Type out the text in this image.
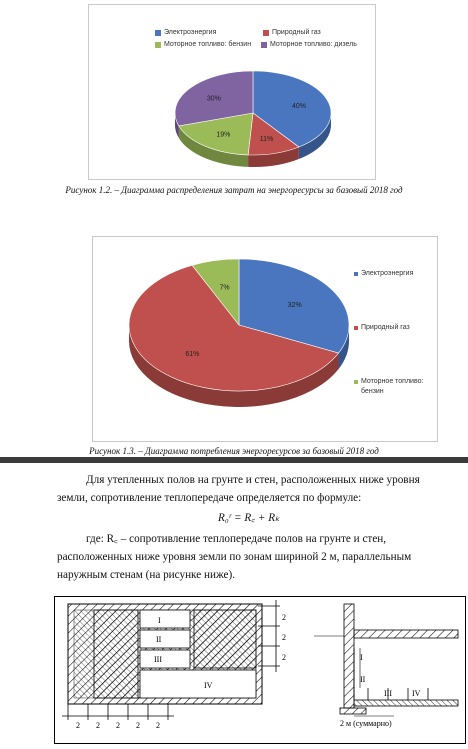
Электроэнергия	Природный газ
Моторное топливо: бензин	Моторное топливо: дизель
40%
11%
19%
30%
Рисунок 1.2. – Диаграмма распределения затрат на энергоресурсы за базовый 2018 год
32%
61%
7%
Электроэнергия
Природный газ
Моторное топливо:
бензин
Рисунок 1.3. – Диаграмма потребления энергоресурсов за базовый 2018 год
Для утепленных полов на грунте и стен, расположенных ниже уровня
земли, сопротивление теплопередаче определяется по формуле:
R₀ʳ = R꜀ + Rₖ
где: R꜀ – сопротивление теплопередаче полов на грунте и стен,
расположенных ниже уровня земли по зонам шириной 2 м, параллельным
наружным стенам (на рисунке ниже).
I
II
III
IV
2 2 2 2 2
2
2
2	I
II
III	IV
2 м (суммарно)
